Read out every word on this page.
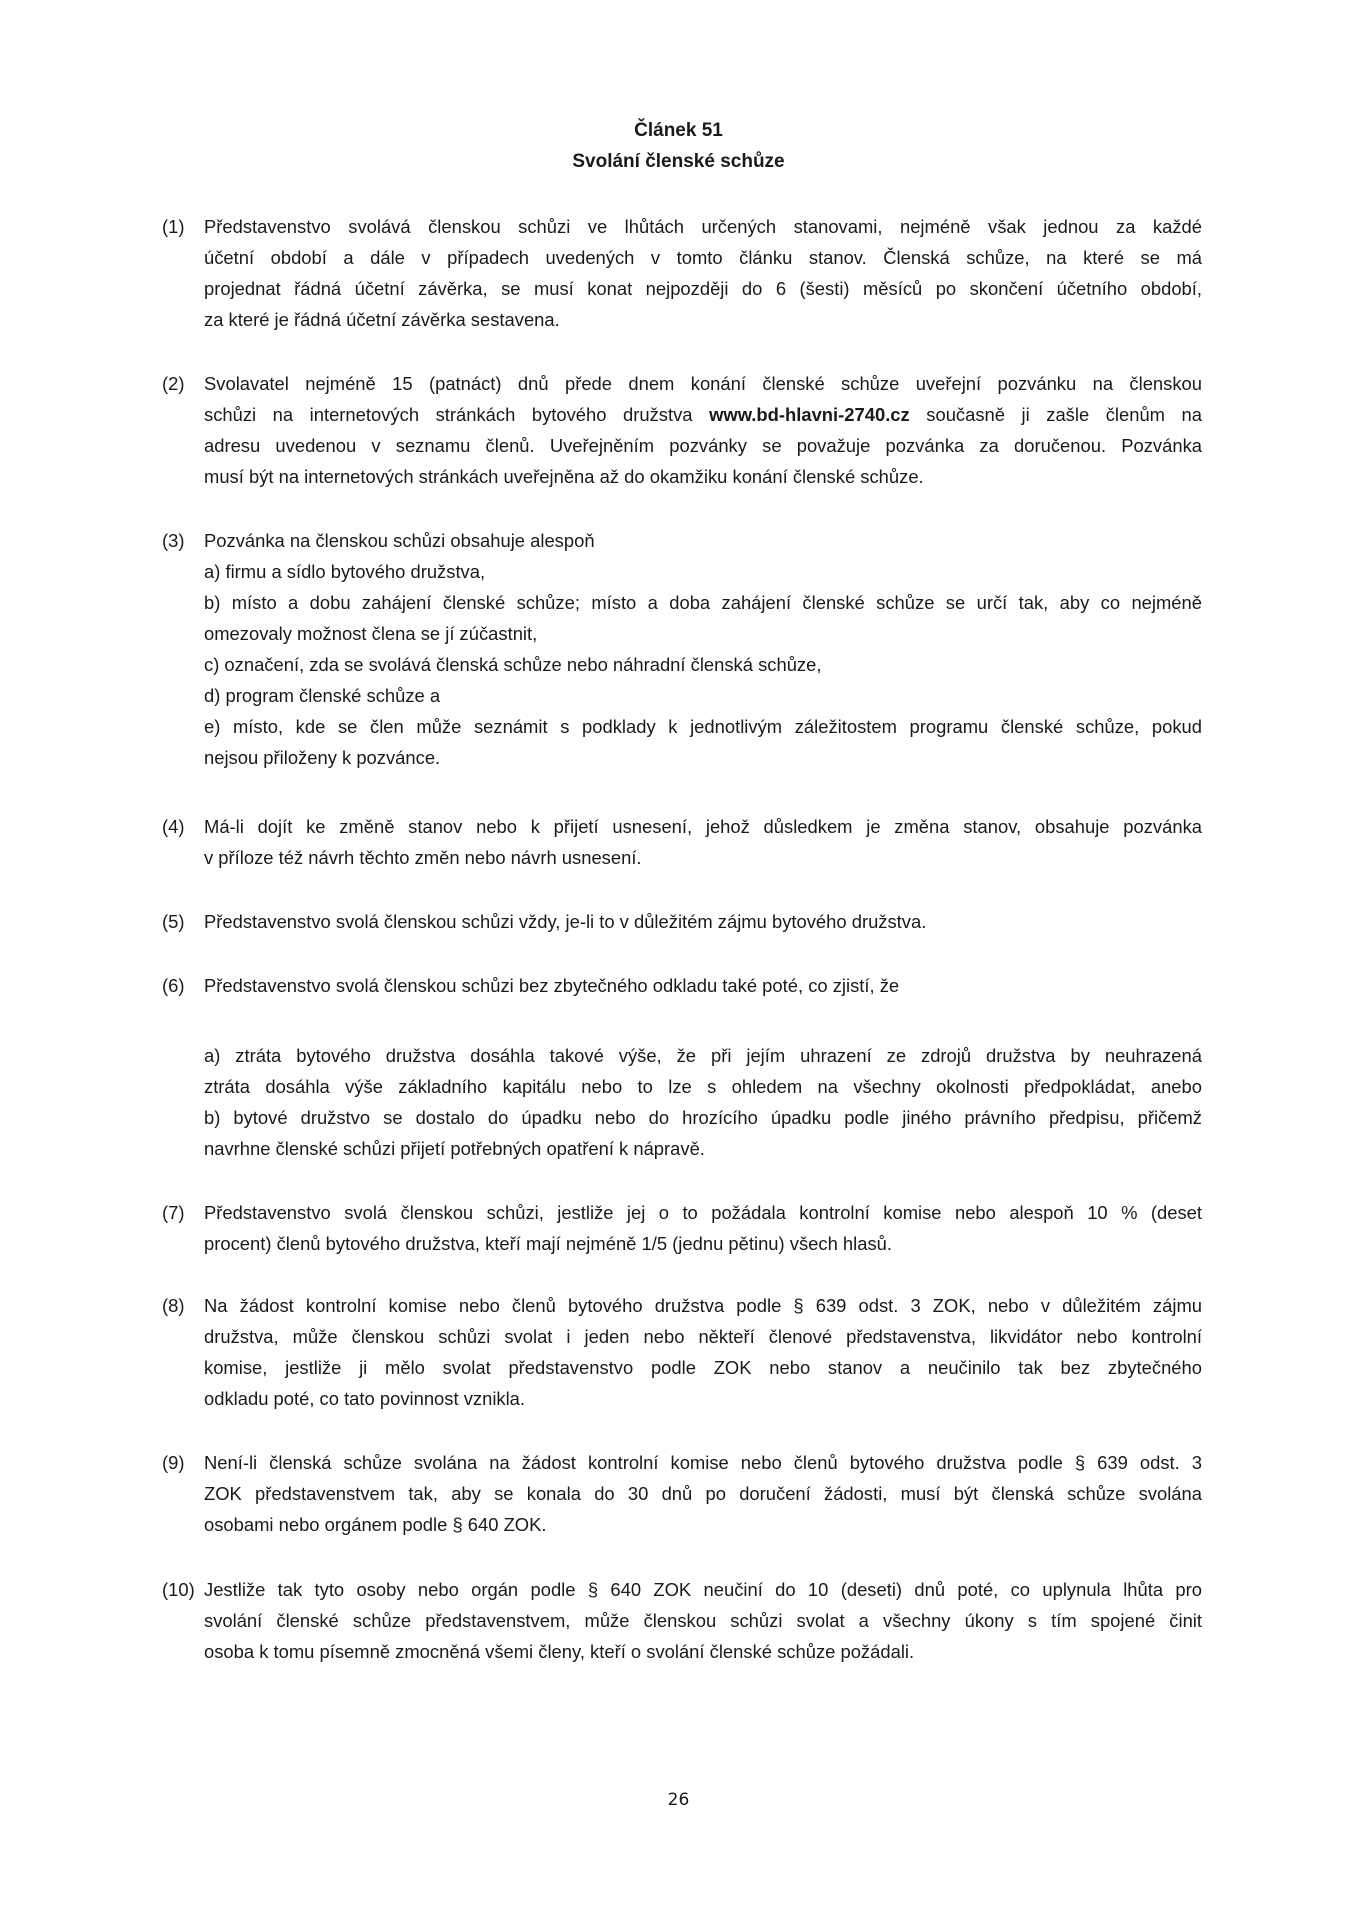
Článek 51
Svolání členské schůze
(1)	Představenstvo svolává členskou schůzi ve lhůtách určených stanovami, nejméně však jednou za každé
účetní období a dále v případech uvedených v tomto článku stanov. Členská schůze, na které se má
projednat řádná účetní závěrka, se musí konat nejpozději do 6 (šesti) měsíců po skončení účetního období,
za které je řádná účetní závěrka sestavena.
(2)	Svolavatel nejméně 15 (patnáct) dnů přede dnem konání členské schůze uveřejní pozvánku na členskou
schůzi na internetových stránkách bytového družstva www.bd-hlavni-2740.cz současně ji zašle členům na
adresu uvedenou v seznamu členů. Uveřejněním pozvánky se považuje pozvánka za doručenou. Pozvánka
musí být na internetových stránkách uveřejněna až do okamžiku konání členské schůze.
(3)	Pozvánka na členskou schůzi obsahuje alespoň
a) firmu a sídlo bytového družstva,
b) místo a dobu zahájení členské schůze; místo a doba zahájení členské schůze se určí tak, aby co nejméně
omezovaly možnost člena se jí zúčastnit,
c) označení, zda se svolává členská schůze nebo náhradní členská schůze,
d) program členské schůze a
e) místo, kde se člen může seznámit s podklady k jednotlivým záležitostem programu členské schůze, pokud
nejsou přiloženy k pozvánce.
(4)	Má-li dojít ke změně stanov nebo k přijetí usnesení, jehož důsledkem je změna stanov, obsahuje pozvánka
v příloze též návrh těchto změn nebo návrh usnesení.
(5)	Představenstvo svolá členskou schůzi vždy, je-li to v důležitém zájmu bytového družstva.
(6)	Představenstvo svolá členskou schůzi bez zbytečného odkladu také poté, co zjistí, že
a) ztráta bytového družstva dosáhla takové výše, že při jejím uhrazení ze zdrojů družstva by neuhrazená
ztráta dosáhla výše základního kapitálu nebo to lze s ohledem na všechny okolnosti předpokládat, anebo
b) bytové družstvo se dostalo do úpadku nebo do hrozícího úpadku podle jiného právního předpisu, přičemž
navrhne členské schůzi přijetí potřebných opatření k nápravě.
(7)	Představenstvo svolá členskou schůzi, jestliže jej o to požádala kontrolní komise nebo alespoň 10 % (deset
procent) členů bytového družstva, kteří mají nejméně 1/5 (jednu pětinu) všech hlasů.
(8)	Na žádost kontrolní komise nebo členů bytového družstva podle § 639 odst. 3 ZOK, nebo v důležitém zájmu
družstva, může členskou schůzi svolat i jeden nebo někteří členové představenstva, likvidátor nebo kontrolní
komise, jestliže ji mělo svolat představenstvo podle ZOK nebo stanov a neučinilo tak bez zbytečného
odkladu poté, co tato povinnost vznikla.
(9)	Není-li členská schůze svolána na žádost kontrolní komise nebo členů bytového družstva podle § 639 odst. 3
ZOK představenstvem tak, aby se konala do 30 dnů po doručení žádosti, musí být členská schůze svolána
osobami nebo orgánem podle § 640 ZOK.
(10) Jestliže tak tyto osoby nebo orgán podle § 640 ZOK neučiní do 10 (deseti) dnů poté, co uplynula lhůta pro
svolání členské schůze představenstvem, může členskou schůzi svolat a všechny úkony s tím spojené činit
osoba k tomu písemně zmocněná všemi členy, kteří o svolání členské schůze požádali.
26
